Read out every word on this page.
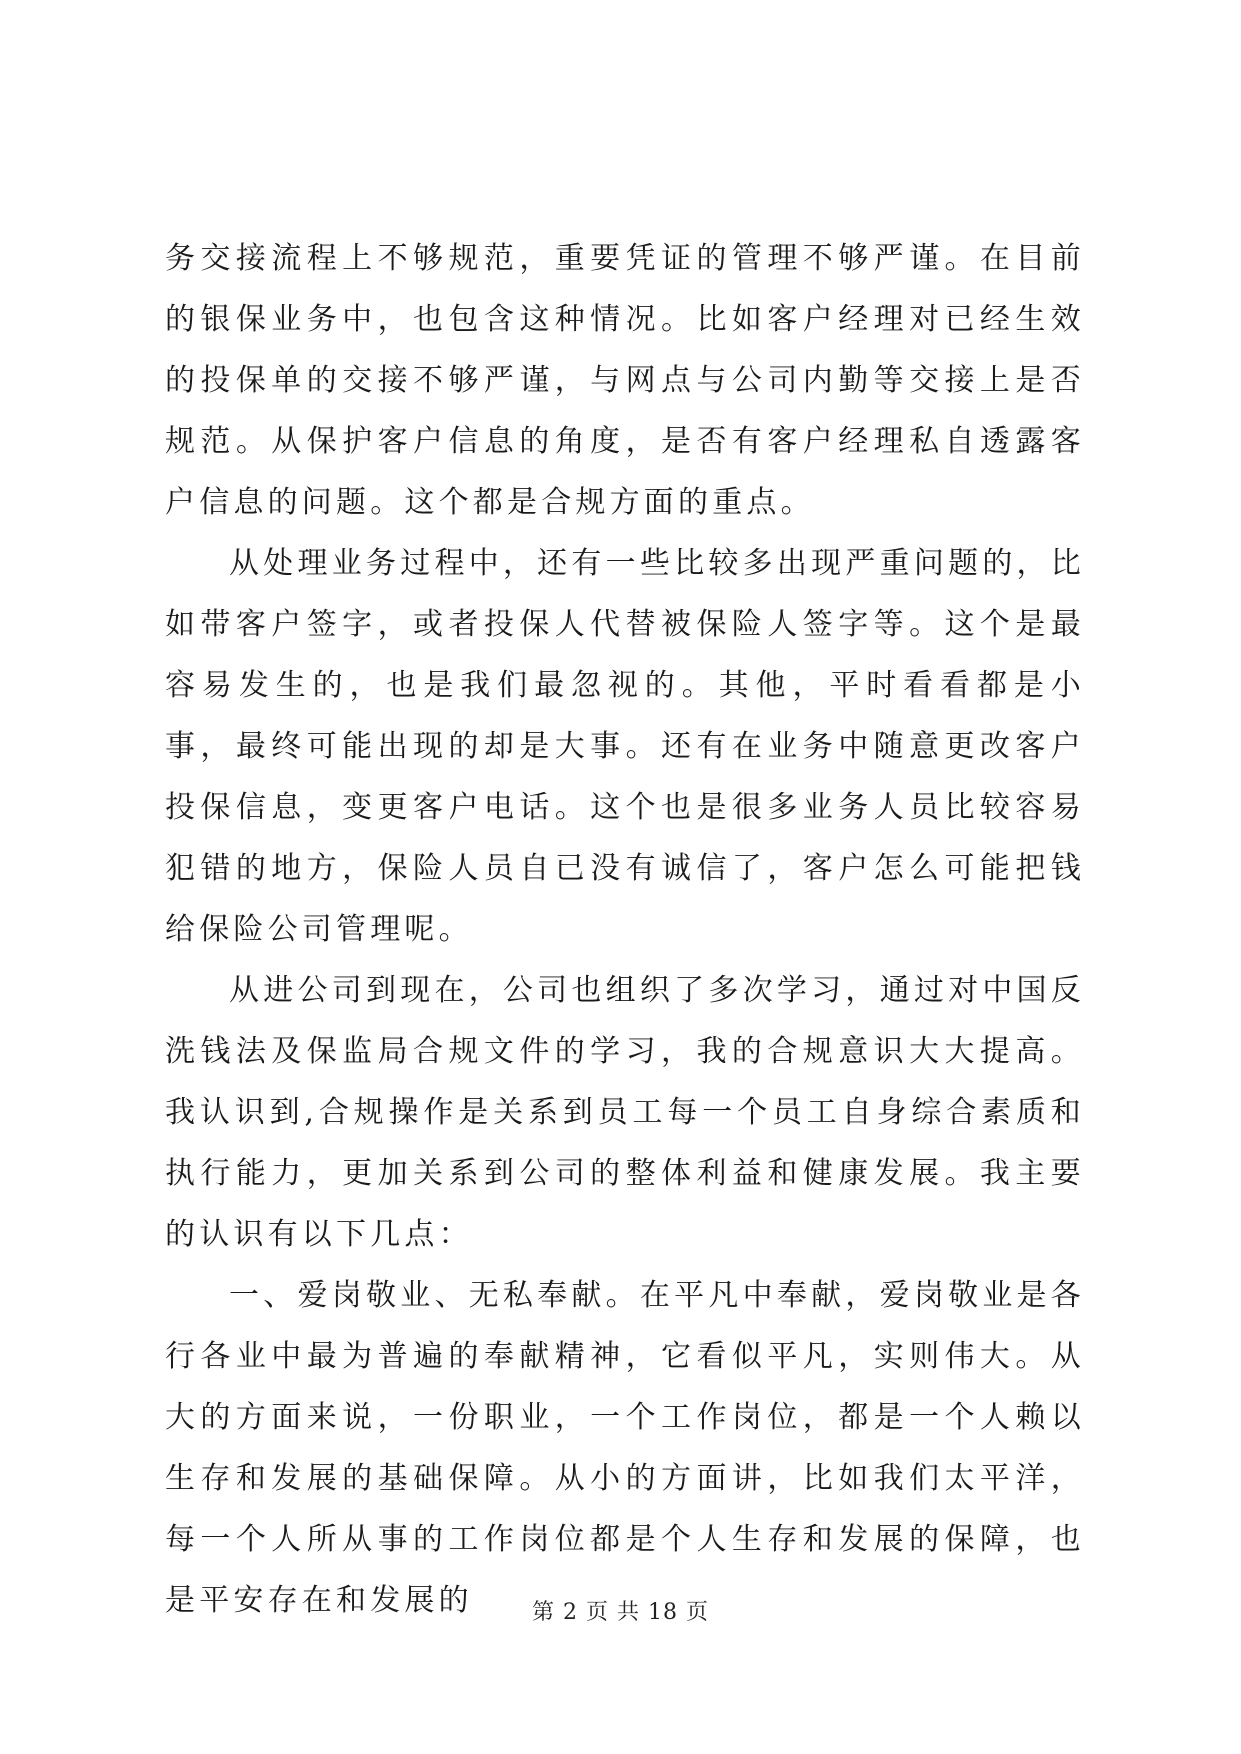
务交接流程上不够规范，重要凭证的管理不够严谨。在目前的银保业务中，也包含这种情况。比如客户经理对已经生效的投保单的交接不够严谨，与网点与公司内勤等交接上是否规范。从保护客户信息的角度，是否有客户经理私自透露客户信息的问题。这个都是合规方面的重点。

从处理业务过程中，还有一些比较多出现严重问题的，比如带客户签字，或者投保人代替被保险人签字等。这个是最容易发生的，也是我们最忽视的。其他，平时看看都是小事，最终可能出现的却是大事。还有在业务中随意更改客户投保信息，变更客户电话。这个也是很多业务人员比较容易犯错的地方，保险人员自已没有诚信了，客户怎么可能把钱给保险公司管理呢。

从进公司到现在，公司也组织了多次学习，通过对中国反洗钱法及保监局合规文件的学习，我的合规意识大大提高。我认识到,合规操作是关系到员工每一个员工自身综合素质和执行能力，更加关系到公司的整体利益和健康发展。我主要的认识有以下几点：

一、爱岗敬业、无私奉献。在平凡中奉献，爱岗敬业是各行各业中最为普遍的奉献精神，它看似平凡，实则伟大。从大的方面来说，一份职业，一个工作岗位，都是一个人赖以生存和发展的基础保障。从小的方面讲，比如我们太平洋，每一个人所从事的工作岗位都是个人生存和发展的保障，也是平安存在和发展的	第 2 页 共 18 页
